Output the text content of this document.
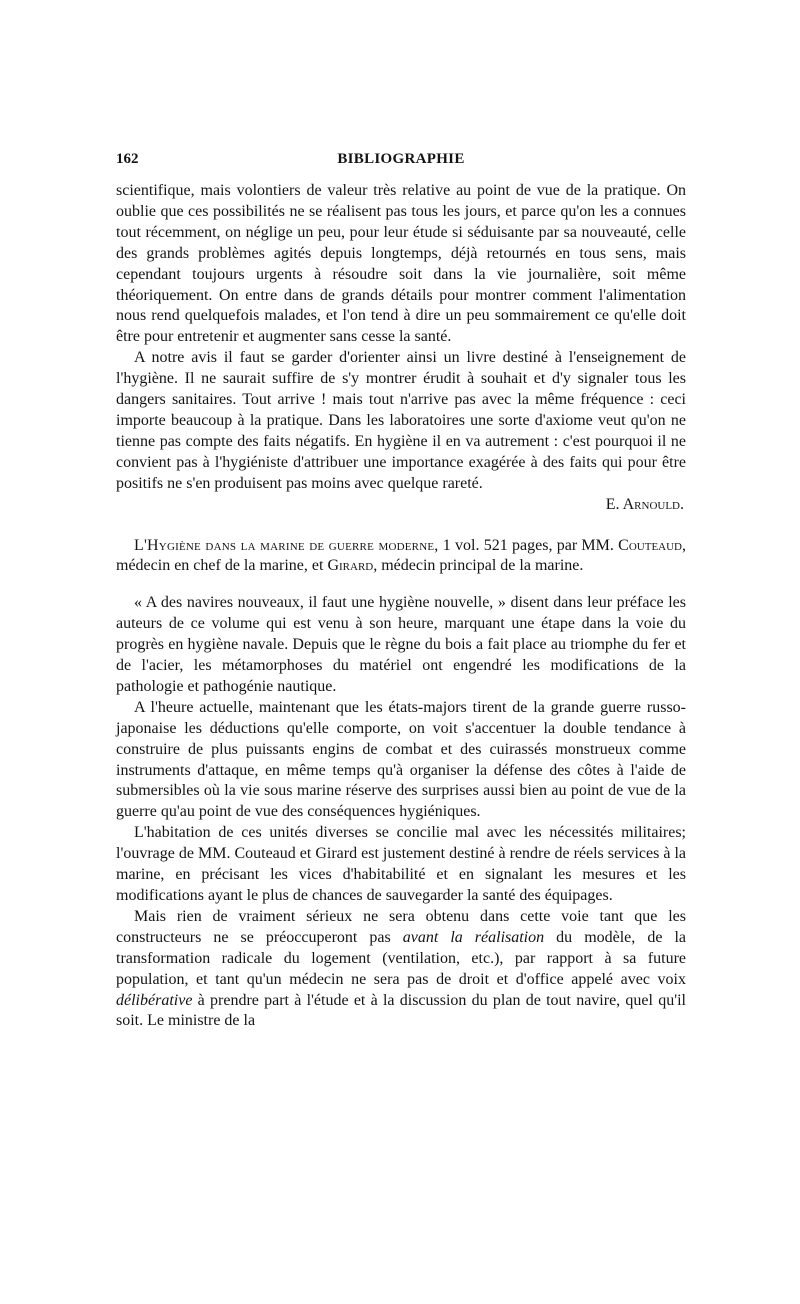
162	BIBLIOGRAPHIE

scientifique, mais volontiers de valeur très relative au point de vue de la pratique. On oublie que ces possibilités ne se réalisent pas tous les jours, et parce qu'on les a connues tout récemment, on néglige un peu, pour leur étude si séduisante par sa nouveauté, celle des grands problèmes agités depuis longtemps, déjà retournés en tous sens, mais cependant toujours urgents à résoudre soit dans la vie journalière, soit même théoriquement. On entre dans de grands détails pour montrer comment l'alimentation nous rend quelquefois malades, et l'on tend à dire un peu sommairement ce qu'elle doit être pour entretenir et augmenter sans cesse la santé.

A notre avis il faut se garder d'orienter ainsi un livre destiné à l'enseignement de l'hygiène. Il ne saurait suffire de s'y montrer érudit à souhait et d'y signaler tous les dangers sanitaires. Tout arrive ! mais tout n'arrive pas avec la même fréquence : ceci importe beaucoup à la pratique. Dans les laboratoires une sorte d'axiome veut qu'on ne tienne pas compte des faits négatifs. En hygiène il en va autrement : c'est pourquoi il ne convient pas à l'hygiéniste d'attribuer une importance exagérée à des faits qui pour être positifs ne s'en produisent pas moins avec quelque rareté.

E. Arnould.

L'Hygiène dans la marine de guerre moderne, 1 vol. 521 pages, par MM. Couteaud, médecin en chef de la marine, et Girard, médecin principal de la marine.

« A des navires nouveaux, il faut une hygiène nouvelle, » disent dans leur préface les auteurs de ce volume qui est venu à son heure, marquant une étape dans la voie du progrès en hygiène navale. Depuis que le règne du bois a fait place au triomphe du fer et de l'acier, les métamorphoses du matériel ont engendré les modifications de la pathologie et pathogénie nautique.

A l'heure actuelle, maintenant que les états-majors tirent de la grande guerre russo-japonaise les déductions qu'elle comporte, on voit s'accentuer la double tendance à construire de plus puissants engins de combat et des cuirassés monstrueux comme instruments d'attaque, en même temps qu'à organiser la défense des côtes à l'aide de submersibles où la vie sous marine réserve des surprises aussi bien au point de vue de la guerre qu'au point de vue des conséquences hygiéniques.

L'habitation de ces unités diverses se concilie mal avec les nécessités militaires; l'ouvrage de MM. Couteaud et Girard est justement destiné à rendre de réels services à la marine, en précisant les vices d'habitabilité et en signalant les mesures et les modifications ayant le plus de chances de sauvegarder la santé des équipages.

Mais rien de vraiment sérieux ne sera obtenu dans cette voie tant que les constructeurs ne se préoccuperont pas avant la réalisation du modèle, de la transformation radicale du logement (ventilation, etc.), par rapport à sa future population, et tant qu'un médecin ne sera pas de droit et d'office appelé avec voix délibérative à prendre part à l'étude et à la discussion du plan de tout navire, quel qu'il soit. Le ministre de la
